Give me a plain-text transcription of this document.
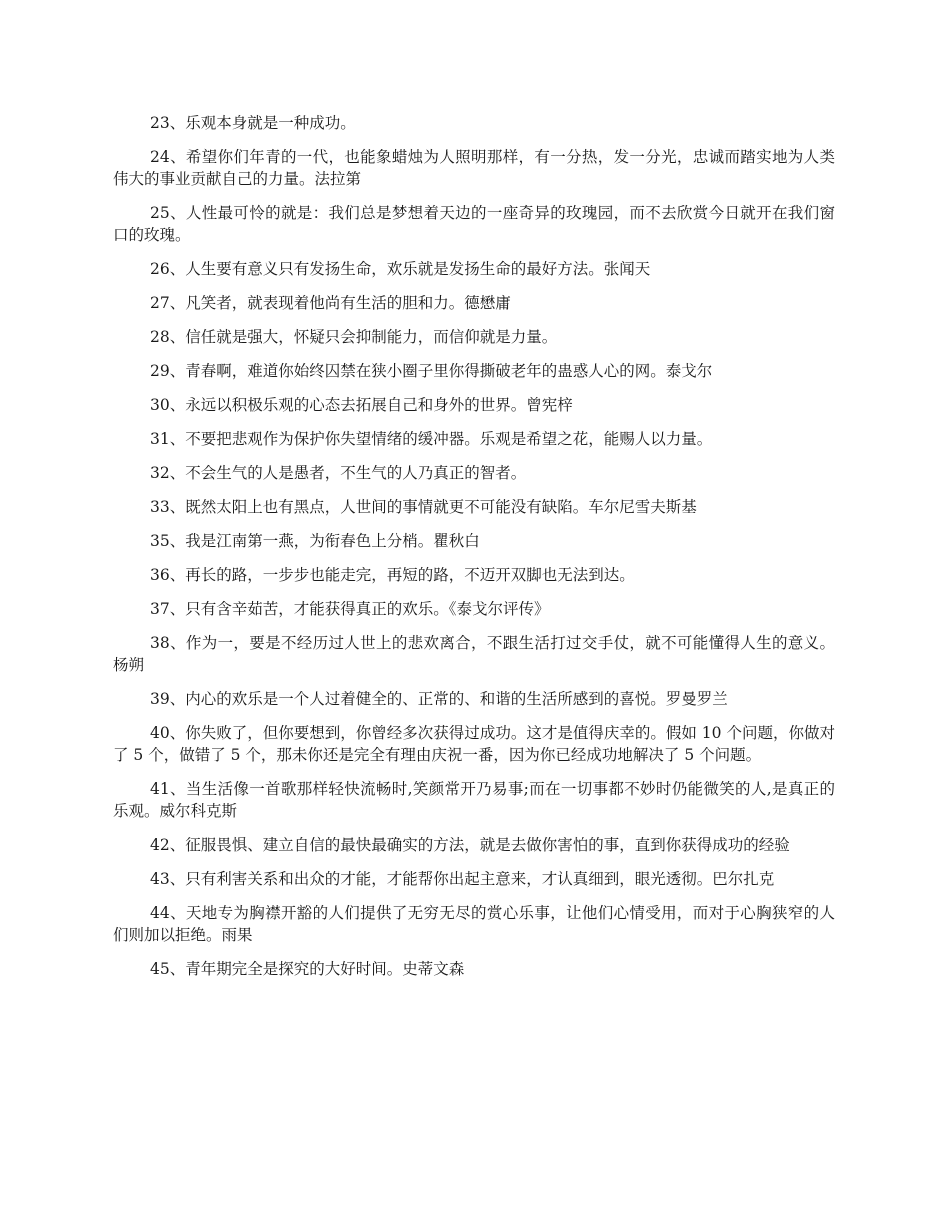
23、乐观本身就是一种成功。

24、希望你们年青的一代，也能象蜡烛为人照明那样，有一分热，发一分光，忠诚而踏实地为人类伟大的事业贡献自己的力量。法拉第

25、人性最可怜的就是：我们总是梦想着天边的一座奇异的玫瑰园，而不去欣赏今日就开在我们窗口的玫瑰。

26、人生要有意义只有发扬生命，欢乐就是发扬生命的最好方法。张闻天

27、凡笑者，就表现着他尚有生活的胆和力。德懋庸

28、信任就是强大，怀疑只会抑制能力，而信仰就是力量。

29、青春啊，难道你始终囚禁在狭小圈子里你得撕破老年的蛊惑人心的网。泰戈尔

30、永远以积极乐观的心态去拓展自己和身外的世界。曾宪梓

31、不要把悲观作为保护你失望情绪的缓冲器。乐观是希望之花，能赐人以力量。

32、不会生气的人是愚者，不生气的人乃真正的智者。

33、既然太阳上也有黑点，人世间的事情就更不可能没有缺陷。车尔尼雪夫斯基

35、我是江南第一燕，为衔春色上分梢。瞿秋白

36、再长的路，一步步也能走完，再短的路，不迈开双脚也无法到达。

37、只有含辛茹苦，才能获得真正的欢乐。《泰戈尔评传》

38、作为一，要是不经历过人世上的悲欢离合，不跟生活打过交手仗，就不可能懂得人生的意义。杨朔

39、内心的欢乐是一个人过着健全的、正常的、和谐的生活所感到的喜悦。罗曼罗兰

40、你失败了，但你要想到，你曾经多次获得过成功。这才是值得庆幸的。假如 10 个问题，你做对了 5 个，做错了 5 个，那未你还是完全有理由庆祝一番，因为你已经成功地解决了 5 个问题。

41、当生活像一首歌那样轻快流畅时,笑颜常开乃易事;而在一切事都不妙时仍能微笑的人,是真正的乐观。威尔科克斯

42、征服畏惧、建立自信的最快最确实的方法，就是去做你害怕的事，直到你获得成功的经验

43、只有利害关系和出众的才能，才能帮你出起主意来，才认真细到，眼光透彻。巴尔扎克

44、天地专为胸襟开豁的人们提供了无穷无尽的赏心乐事，让他们心情受用，而对于心胸狭窄的人们则加以拒绝。雨果

45、青年期完全是探究的大好时间。史蒂文森
